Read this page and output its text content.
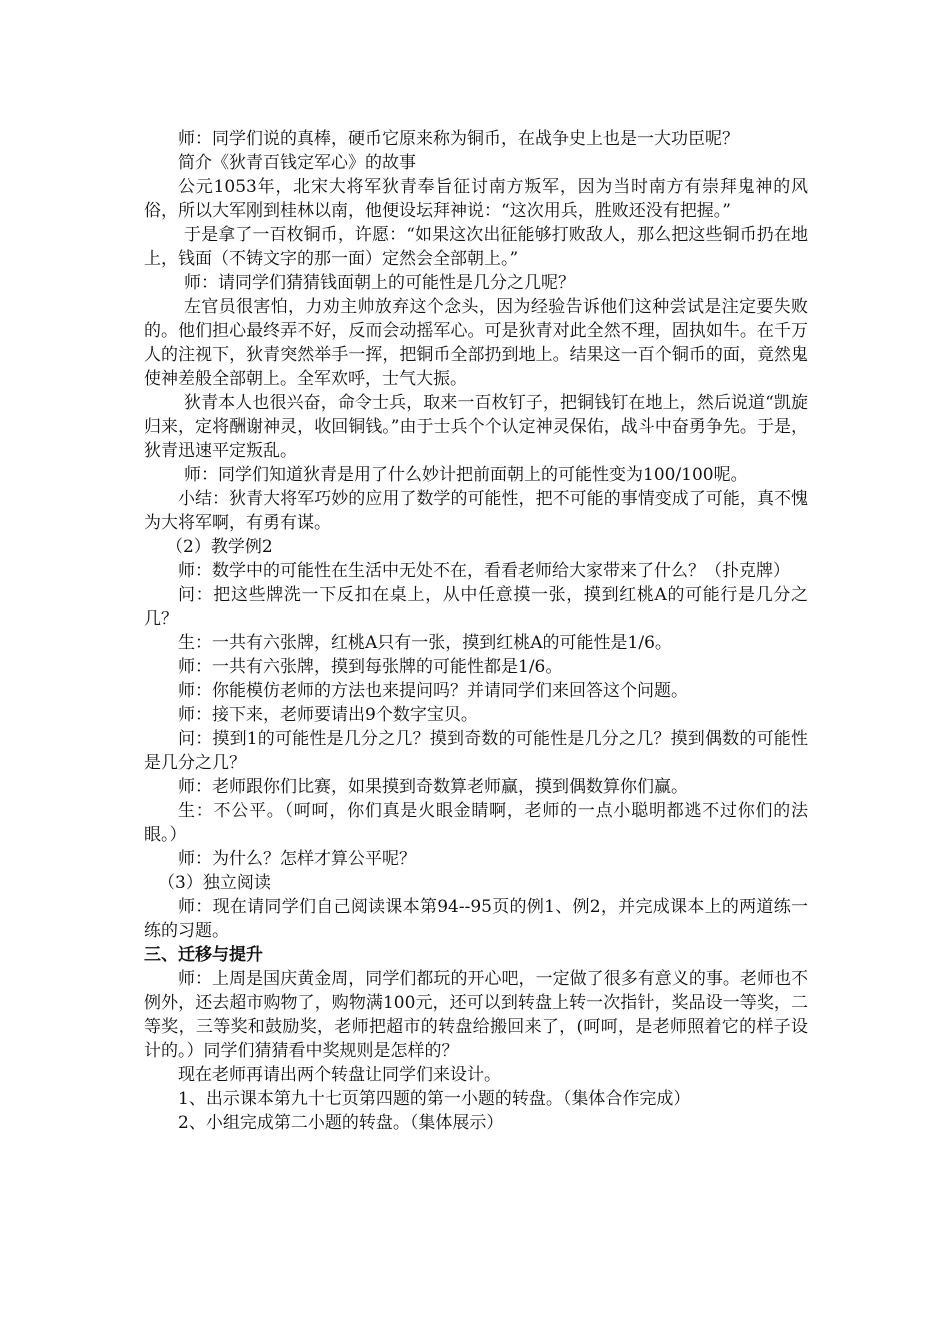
师：同学们说的真棒，硬币它原来称为铜币，在战争史上也是一大功臣呢？

简介《狄青百钱定军心》的故事

公元1053年，北宋大将军狄青奉旨征讨南方叛军，因为当时南方有崇拜鬼神的风俗，所以大军刚到桂林以南，他便设坛拜神说：“这次用兵，胜败还没有把握。”

于是拿了一百枚铜币，许愿：“如果这次出征能够打败敌人，那么把这些铜币扔在地上，钱面（不铸文字的那一面）定然会全部朝上。”

师：请同学们猜猜钱面朝上的可能性是几分之几呢？

左官员很害怕，力劝主帅放弃这个念头，因为经验告诉他们这种尝试是注定要失败的。他们担心最终弄不好，反而会动摇军心。可是狄青对此全然不理，固执如牛。在千万人的注视下，狄青突然举手一挥，把铜币全部扔到地上。结果这一百个铜币的面，竟然鬼使神差般全部朝上。全军欢呼，士气大振。

狄青本人也很兴奋，命令士兵，取来一百枚钉子，把铜钱钉在地上，然后说道“凯旋归来，定将酬谢神灵，收回铜钱。”由于士兵个个认定神灵保佑，战斗中奋勇争先。于是，狄青迅速平定叛乱。

师：同学们知道狄青是用了什么妙计把前面朝上的可能性变为100/100呢。

小结：狄青大将军巧妙的应用了数学的可能性，把不可能的事情变成了可能，真不愧为大将军啊，有勇有谋。

（2）教学例2

师：数学中的可能性在生活中无处不在，看看老师给大家带来了什么？（扑克牌）

问：把这些牌洗一下反扣在桌上，从中任意摸一张，摸到红桃A的可能行是几分之几？

生：一共有六张牌，红桃A只有一张，摸到红桃A的可能性是1/6。

师：一共有六张牌，摸到每张牌的可能性都是1/6。

师：你能模仿老师的方法也来提问吗？并请同学们来回答这个问题。

师：接下来，老师要请出9个数字宝贝。

问：摸到1的可能性是几分之几？摸到奇数的可能性是几分之几？摸到偶数的可能性是几分之几？

师：老师跟你们比赛，如果摸到奇数算老师赢，摸到偶数算你们赢。

生：不公平。（呵呵，你们真是火眼金睛啊，老师的一点小聪明都逃不过你们的法眼。）

师：为什么？怎样才算公平呢？

（3）独立阅读

师：现在请同学们自己阅读课本第94--95页的例1、例2，并完成课本上的两道练一练的习题。

三、迁移与提升

师：上周是国庆黄金周，同学们都玩的开心吧，一定做了很多有意义的事。老师也不例外，还去超市购物了，购物满100元，还可以到转盘上转一次指针，奖品设一等奖，二等奖，三等奖和鼓励奖，老师把超市的转盘给搬回来了，(呵呵，是老师照着它的样子设计的。）同学们猜猜看中奖规则是怎样的？

现在老师再请出两个转盘让同学们来设计。

1、出示课本第九十七页第四题的第一小题的转盘。（集体合作完成）

2、小组完成第二小题的转盘。（集体展示）
